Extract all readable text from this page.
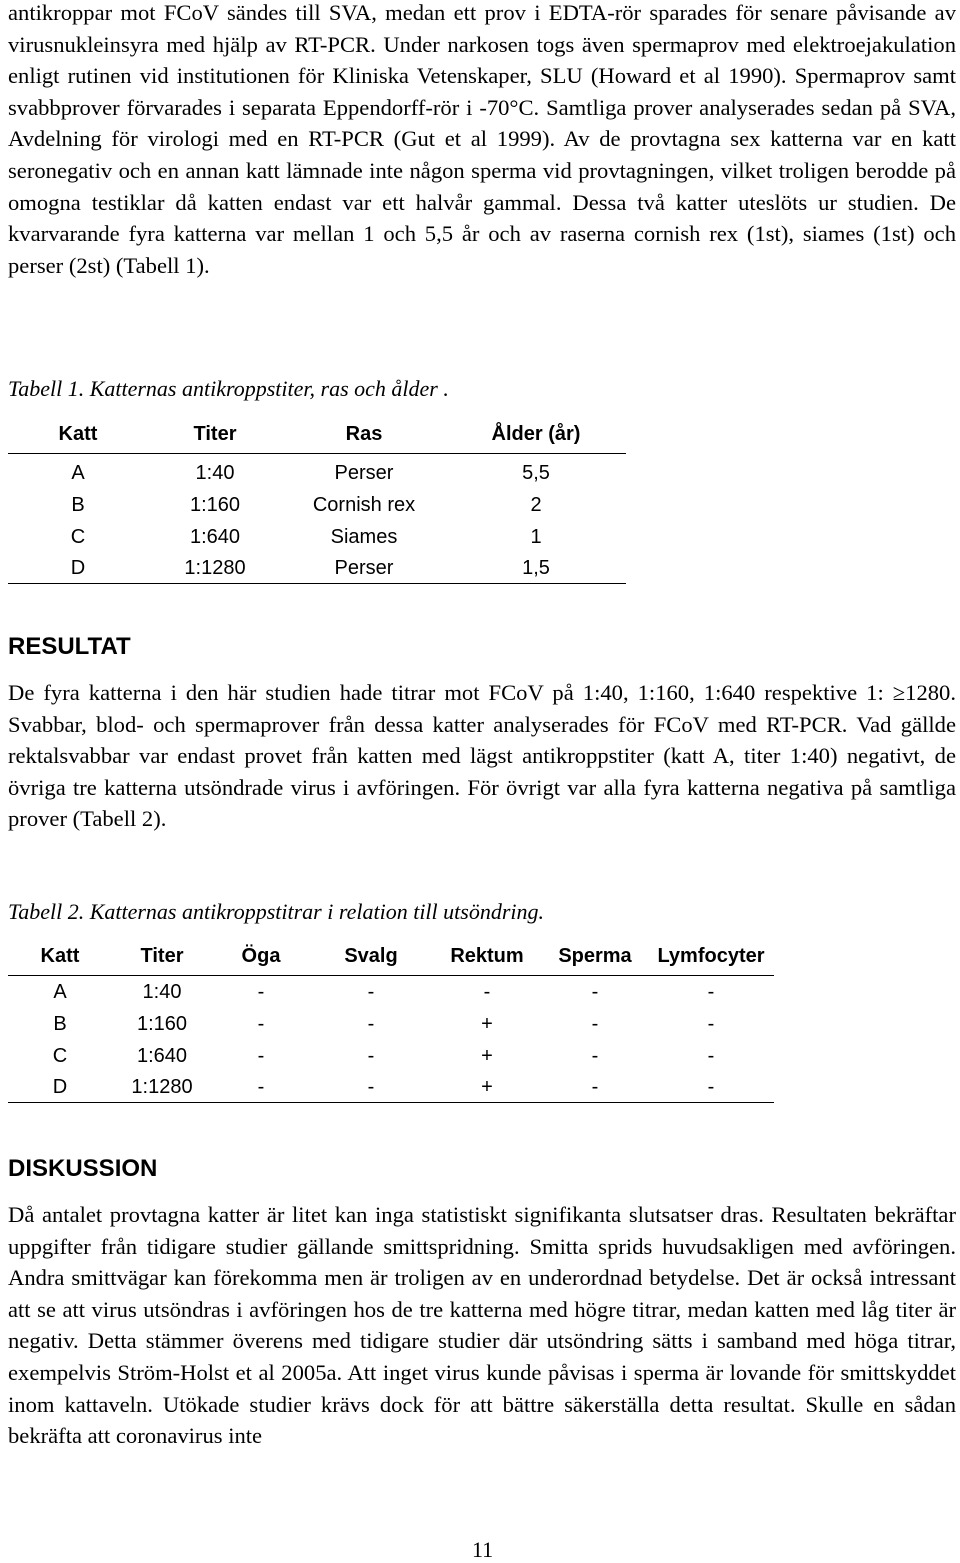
antikroppar mot FCoV sändes till SVA, medan ett prov i EDTA-rör sparades för senare påvisande av virusnukleinsyra med hjälp av RT-PCR. Under narkosen togs även spermaprov med elektroejakulation enligt rutinen vid institutionen för Kliniska Vetenskaper, SLU (Howard et al 1990). Spermaprov samt svabbprover förvarades i separata Eppendorff-rör i -70°C. Samtliga prover analyserades sedan på SVA, Avdelning för virologi med en RT-PCR (Gut et al 1999). Av de provtagna sex katterna var en katt seronegativ och en annan katt lämnade inte någon sperma vid provtagningen, vilket troligen berodde på omogna testiklar då katten endast var ett halvår gammal. Dessa två katter uteslöts ur studien. De kvarvarande fyra katterna var mellan 1 och 5,5 år och av raserna cornish rex (1st), siames (1st) och perser (2st) (Tabell 1).

Tabell 1. Katternas antikroppstiter, ras och ålder .

Katt	Titer	Ras	Ålder (år)
A	1:40	Perser	5,5
B	1:160	Cornish rex	2
C	1:640	Siames	1
D	1:1280	Perser	1,5
RESULTAT

De fyra katterna i den här studien hade titrar mot FCoV på 1:40, 1:160, 1:640 respektive 1: ≥1280. Svabbar, blod- och spermaprover från dessa katter analyserades för FCoV med RT-PCR. Vad gällde rektalsvabbar var endast provet från katten med lägst antikroppstiter (katt A, titer 1:40) negativt, de övriga tre katterna utsöndrade virus i avföringen. För övrigt var alla fyra katterna negativa på samtliga prover (Tabell 2).

Tabell 2. Katternas antikroppstitrar i relation till utsöndring.

Katt	Titer	Öga	Svalg	Rektum	Sperma	Lymfocyter
A	1:40	-	-	-	-	-
B	1:160	-	-	+	-	-
C	1:640	-	-	+	-	-
D	1:1280	-	-	+	-	-
DISKUSSION

Då antalet provtagna katter är litet kan inga statistiskt signifikanta slutsatser dras. Resultaten bekräftar uppgifter från tidigare studier gällande smittspridning. Smitta sprids huvudsakligen med avföringen. Andra smittvägar kan förekomma men är troligen av en underordnad betydelse. Det är också intressant att se att virus utsöndras i avföringen hos de tre katterna med högre titrar, medan katten med låg titer är negativ. Detta stämmer överens med tidigare studier där utsöndring sätts i samband med höga titrar, exempelvis Ström-Holst et al 2005a. Att inget virus kunde påvisas i sperma är lovande för smittskyddet inom kattaveln. Utökade studier krävs dock för att bättre säkerställa detta resultat. Skulle en sådan bekräfta att coronavirus inte

11
